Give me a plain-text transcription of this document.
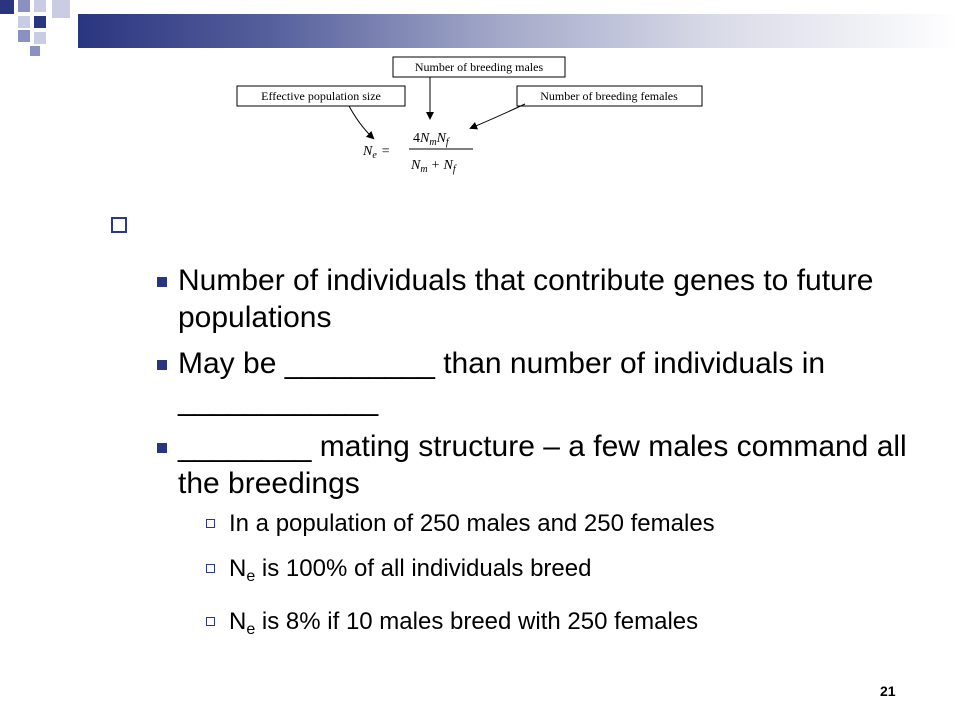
Number of breeding males
Effective population size	Number of breeding females
$N_e$ =
$4N_mN_f$
$N_m + N_f$
Number of individuals that contribute genes to future populations
May be _________ than number of individuals in ____________
________ mating structure – a few males command all the breedings
In a population of 250 males and 250 females
$N_e$ is 100% of all individuals breed
$N_e$ is 8% if 10 males breed with 250 females
21
